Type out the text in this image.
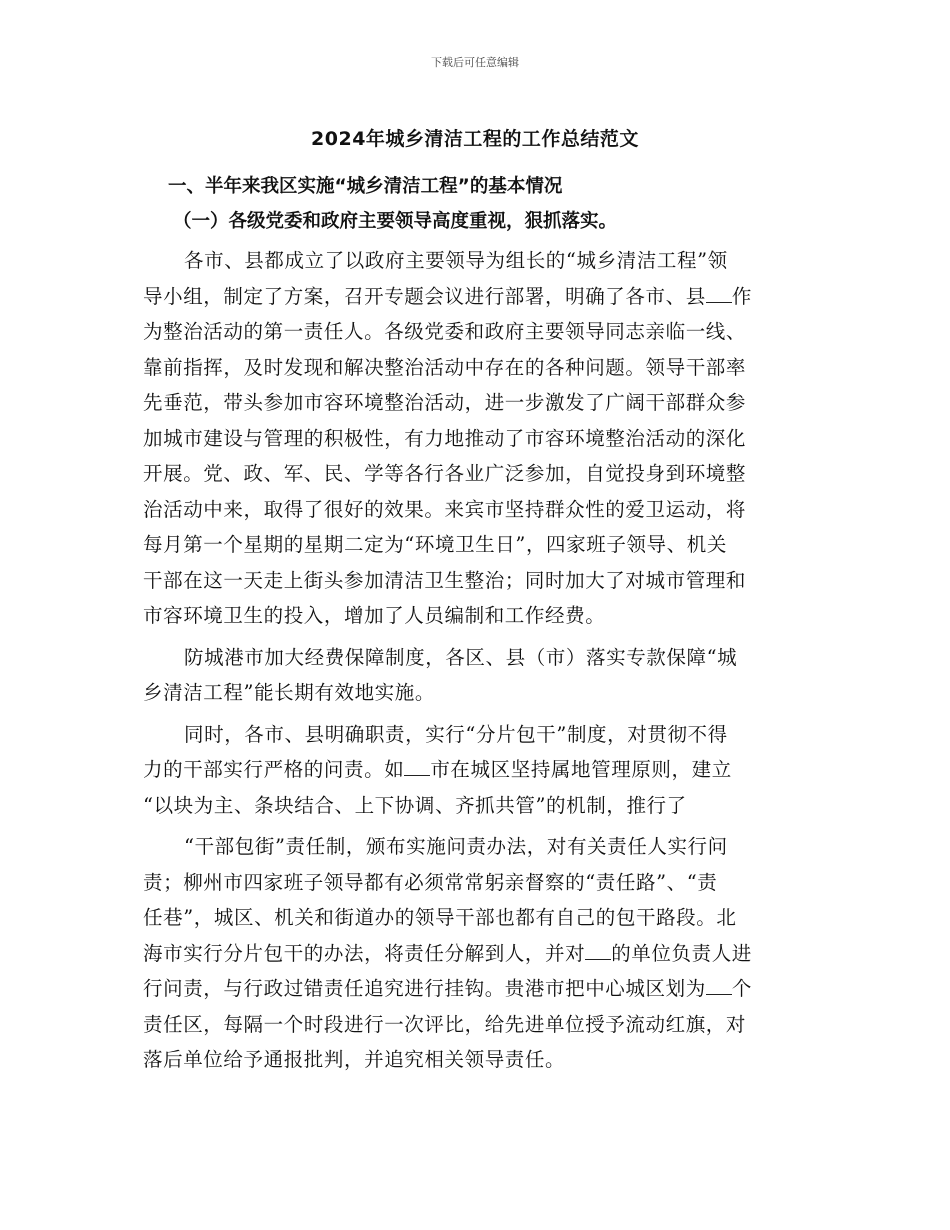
下载后可任意编辑
2024年城乡清洁工程的工作总结范文
一、半年来我区实施“城乡清洁工程”的基本情况
（一）各级党委和政府主要领导高度重视，狠抓落实。
各市、县都成立了以政府主要领导为组长的“城乡清洁工程”领
导小组，制定了方案，召开专题会议进行部署，明确了各市、县 作
为整治活动的第一责任人。各级党委和政府主要领导同志亲临一线、
靠前指挥，及时发现和解决整治活动中存在的各种问题。领导干部率
先垂范，带头参加市容环境整治活动，进一步激发了广阔干部群众参
加城市建设与管理的积极性，有力地推动了市容环境整治活动的深化
开展。党、政、军、民、学等各行各业广泛参加，自觉投身到环境整
治活动中来，取得了很好的效果。来宾市坚持群众性的爱卫运动，将
每月第一个星期的星期二定为“环境卫生日”，四家班子领导、机关
干部在这一天走上街头参加清洁卫生整治；同时加大了对城市管理和
市容环境卫生的投入，增加了人员编制和工作经费。
防城港市加大经费保障制度，各区、县（市）落实专款保障“城
乡清洁工程”能长期有效地实施。
同时，各市、县明确职责，实行“分片包干”制度，对贯彻不得
力的干部实行严格的问责。如 市在城区坚持属地管理原则，建立
“以块为主、条块结合、上下协调、齐抓共管”的机制，推行了
“干部包街”责任制，颁布实施问责办法，对有关责任人实行问
责；柳州市四家班子领导都有必须常常躬亲督察的“责任路”、“责
任巷”，城区、机关和街道办的领导干部也都有自己的包干路段。北
海市实行分片包干的办法，将责任分解到人，并对 的单位负责人进
行问责，与行政过错责任追究进行挂钩。贵港市把中心城区划为 个
责任区，每隔一个时段进行一次评比，给先进单位授予流动红旗，对
落后单位给予通报批判，并追究相关领导责任。
